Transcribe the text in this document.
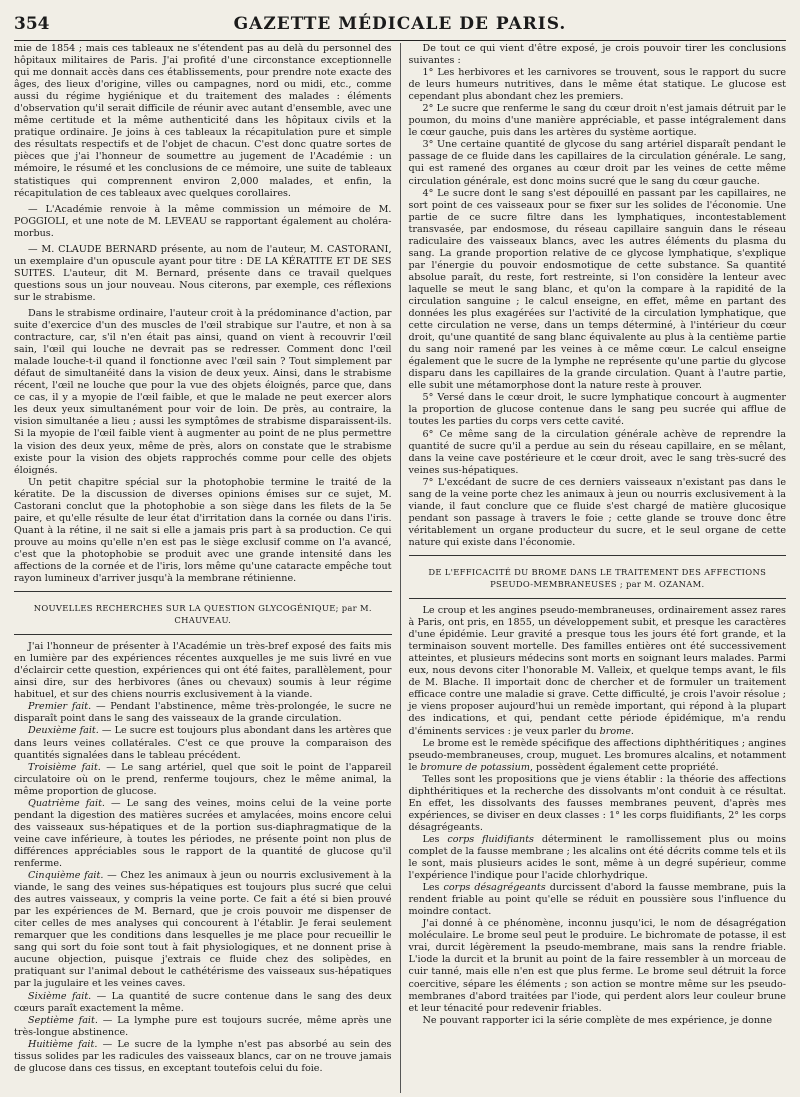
354	GAZETTE MÉDICALE DE PARIS.

mie de 1854 ; mais ces tableaux ne s'étendent pas au delà du personnel des hôpitaux militaires de Paris. J'ai profité d'une circonstance exceptionnelle qui me donnait accès dans ces établissements, pour prendre note exacte des âges, des lieux d'origine, villes ou campagnes, nord ou midi, etc., comme aussi du régime hygiénique et du traitement des malades : éléments d'observation qu'il serait difficile de réunir avec autant d'ensemble, avec une même certitude et la même authenticité dans les hôpitaux civils et la pratique ordinaire. Je joins à ces tableaux la récapitulation pure et simple des résultats respectifs et de l'objet de chacun. C'est donc quatre sortes de pièces que j'ai l'honneur de soumettre au jugement de l'Académie : un mémoire, le résumé et les conclusions de ce mémoire, une suite de tableaux statistiques qui comprennent environ 2,000 malades, et enfin, la récapitulation de ces tableaux avec quelques corollaires.

— L'Académie renvoie à la même commission un mémoire de M. POGGIOLI, et une note de M. LEVEAU se rapportant également au choléra-morbus.

— M. CLAUDE BERNARD présente, au nom de l'auteur, M. CASTORANI, un exemplaire d'un opuscule ayant pour titre : DE LA KÉRATITE ET DE SES SUITES. L'auteur, dit M. Bernard, présente dans ce travail quelques questions sous un jour nouveau. Nous citerons, par exemple, ces réflexions sur le strabisme.

Dans le strabisme ordinaire, l'auteur croit à la prédominance d'action, par suite d'exercice d'un des muscles de l'œil strabique sur l'autre, et non à sa contracture, car, s'il n'en était pas ainsi, quand on vient à recouvrir l'œil sain, l'œil qui louche ne devrait pas se redresser. Comment donc l'œil malade louche-t-il quand il fonctionne avec l'œil sain ? Tout simplement par défaut de simultanéité dans la vision de deux yeux. Ainsi, dans le strabisme récent, l'œil ne louche que pour la vue des objets éloignés, parce que, dans ce cas, il y a myopie de l'œil faible, et que le malade ne peut exercer alors les deux yeux simultanément pour voir de loin. De près, au contraire, la vision simultanée a lieu ; aussi les symptômes de strabisme disparaissent-ils. Si la myopie de l'œil faible vient à augmenter au point de ne plus permettre la vision des deux yeux, même de près, alors on constate que le strabisme existe pour la vision des objets rapprochés comme pour celle des objets éloignés.

Un petit chapitre spécial sur la photophobie termine le traité de la kératite. De la discussion de diverses opinions émises sur ce sujet, M. Castorani conclut que la photophobie a son siège dans les filets de la 5e paire, et qu'elle résulte de leur état d'irritation dans la cornée ou dans l'iris. Quant à la rétine, il ne sait si elle a jamais pris part à sa production. Ce qui prouve au moins qu'elle n'en est pas le siège exclusif comme on l'a avancé, c'est que la photophobie se produit avec une grande intensité dans les affections de la cornée et de l'iris, lors même qu'une cataracte empêche tout rayon lumineux d'arriver jusqu'à la membrane rétinienne.

NOUVELLES RECHERCHES SUR LA QUESTION GLYCOGÉNIQUE; par M. CHAUVEAU.

J'ai l'honneur de présenter à l'Académie un très-bref exposé des faits mis en lumière par des expériences récentes auxquelles je me suis livré en vue d'éclaircir cette question, expériences qui ont été faites, parallèlement, pour ainsi dire, sur des herbivores (ânes ou chevaux) soumis à leur régime habituel, et sur des chiens nourris exclusivement à la viande.

Premier fait. — Pendant l'abstinence, même très-prolongée, le sucre ne disparaît point dans le sang des vaisseaux de la grande circulation.

Deuxième fait. — Le sucre est toujours plus abondant dans les artères que dans leurs veines collatérales. C'est ce que prouve la comparaison des quantités signalées dans le tableau précédent.

Troisième fait. — Le sang artériel, quel que soit le point de l'appareil circulatoire où on le prend, renferme toujours, chez le même animal, la même proportion de glucose.

Quatrième fait. — Le sang des veines, moins celui de la veine porte pendant la digestion des matières sucrées et amylacées, moins encore celui des vaisseaux sus-hépatiques et de la portion sus-diaphragmatique de la veine cave inférieure, à toutes les périodes, ne présente point non plus de différences appréciables sous le rapport de la quantité de glucose qu'il renferme.

Cinquième fait. — Chez les animaux à jeun ou nourris exclusivement à la viande, le sang des veines sus-hépatiques est toujours plus sucré que celui des autres vaisseaux, y compris la veine porte. Ce fait a été si bien prouvé par les expériences de M. Bernard, que je crois pouvoir me dispenser de citer celles de mes analyses qui concourent à l'établir. Je ferai seulement remarquer que les conditions dans lesquelles je me place pour recueillir le sang qui sort du foie sont tout à fait physiologiques, et ne donnent prise à aucune objection, puisque j'extrais ce fluide chez des solipèdes, en pratiquant sur l'animal debout le cathétérisme des vaisseaux sus-hépatiques par la jugulaire et les veines caves.

Sixième fait. — La quantité de sucre contenue dans le sang des deux cœurs paraît exactement la même.

Septième fait. — La lymphe pure est toujours sucrée, même après une très-longue abstinence.

Huitième fait. — Le sucre de la lymphe n'est pas absorbé au sein des tissus solides par les radicules des vaisseaux blancs, car on ne trouve jamais de glucose dans ces tissus, en exceptant toutefois celui du foie.

De tout ce qui vient d'être exposé, je crois pouvoir tirer les conclusions suivantes :

1° Les herbivores et les carnivores se trouvent, sous le rapport du sucre de leurs humeurs nutritives, dans le même état statique. Le glucose est cependant plus abondant chez les premiers.

2° Le sucre que renferme le sang du cœur droit n'est jamais détruit par le poumon, du moins d'une manière appréciable, et passe intégralement dans le cœur gauche, puis dans les artères du système aortique.

3° Une certaine quantité de glycose du sang artériel disparaît pendant le passage de ce fluide dans les capillaires de la circulation générale. Le sang, qui est ramené des organes au cœur droit par les veines de cette même circulation générale, est donc moins sucré que le sang du cœur gauche.

4° Le sucre dont le sang s'est dépouillé en passant par les capillaires, ne sort point de ces vaisseaux pour se fixer sur les solides de l'économie. Une partie de ce sucre filtre dans les lymphatiques, incontestablement transvasée, par endosmose, du réseau capillaire sanguin dans le réseau radiculaire des vaisseaux blancs, avec les autres éléments du plasma du sang. La grande proportion relative de ce glycose lymphatique, s'explique par l'énergie du pouvoir endosmotique de cette substance. Sa quantité absolue paraît, du reste, fort restreinte, si l'on considère la lenteur avec laquelle se meut le sang blanc, et qu'on la compare à la rapidité de la circulation sanguine ; le calcul enseigne, en effet, même en partant des données les plus exagérées sur l'activité de la circulation lymphatique, que cette circulation ne verse, dans un temps déterminé, à l'intérieur du cœur droit, qu'une quantité de sang blanc équivalente au plus à la centième partie du sang noir ramené par les veines à ce même cœur. Le calcul enseigne également que le sucre de la lymphe ne représente qu'une partie du glycose disparu dans les capillaires de la grande circulation. Quant à l'autre partie, elle subit une métamorphose dont la nature reste à prouver.

5° Versé dans le cœur droit, le sucre lymphatique concourt à augmenter la proportion de glucose contenue dans le sang peu sucrée qui afflue de toutes les parties du corps vers cette cavité.

6° Ce même sang de la circulation générale achève de reprendre la quantité de sucre qu'il a perdue au sein du réseau capillaire, en se mêlant, dans la veine cave postérieure et le cœur droit, avec le sang très-sucré des veines sus-hépatiques.

7° L'excédant de sucre de ces derniers vaisseaux n'existant pas dans le sang de la veine porte chez les animaux à jeun ou nourris exclusivement à la viande, il faut conclure que ce fluide s'est chargé de matière glucosique pendant son passage à travers le foie ; cette glande se trouve donc être véritablement un organe producteur du sucre, et le seul organe de cette nature qui existe dans l'économie.

DE L'EFFICACITÉ DU BROME DANS LE TRAITEMENT DES AFFECTIONS
PSEUDO-MEMBRANEUSES ; par M. OZANAM.

Le croup et les angines pseudo-membraneuses, ordinairement assez rares à Paris, ont pris, en 1855, un développement subit, et presque les caractères d'une épidémie. Leur gravité a presque tous les jours été fort grande, et la terminaison souvent mortelle. Des familles entières ont été successivement atteintes, et plusieurs médecins sont morts en soignant leurs malades. Parmi eux, nous devons citer l'honorable M. Valleix, et quelque temps avant, le fils de M. Blache. Il importait donc de chercher et de formuler un traitement efficace contre une maladie si grave. Cette difficulté, je crois l'avoir résolue ; je viens proposer aujourd'hui un remède important, qui répond à la plupart des indications, et qui, pendant cette période épidémique, m'a rendu d'éminents services : je veux parler du brome.

Le brome est le remède spécifique des affections diphthéritiques ; angines pseudo-membraneuses, croup, muguet. Les bromures alcalins, et notamment le bromure de potassium, possèdent également cette propriété.

Telles sont les propositions que je viens établir : la théorie des affections diphthéritiques et la recherche des dissolvants m'ont conduit à ce résultat. En effet, les dissolvants des fausses membranes peuvent, d'après mes expériences, se diviser en deux classes : 1° les corps fluidifiants, 2° les corps désagrégeants.

Les corps fluidifiants déterminent le ramollissement plus ou moins complet de la fausse membrane ; les alcalins ont été décrits comme tels et ils le sont, mais plusieurs acides le sont, même à un degré supérieur, comme l'expérience l'indique pour l'acide chlorhydrique.

Les corps désagrégeants durcissent d'abord la fausse membrane, puis la rendent friable au point qu'elle se réduit en poussière sous l'influence du moindre contact.

J'ai donné à ce phénomène, inconnu jusqu'ici, le nom de désagrégation moléculaire. Le brome seul peut le produire. Le bichromate de potasse, il est vrai, durcit légèrement la pseudo-membrane, mais sans la rendre friable. L'iode la durcit et la brunit au point de la faire ressembler à un morceau de cuir tanné, mais elle n'en est que plus ferme. Le brome seul détruit la force coercitive, sépare les éléments ; son action se montre même sur les pseudo-membranes d'abord traitées par l'iode, qui perdent alors leur couleur brune et leur ténacité pour redevenir friables.

Ne pouvant rapporter ici la série complète de mes expérience, je donne
